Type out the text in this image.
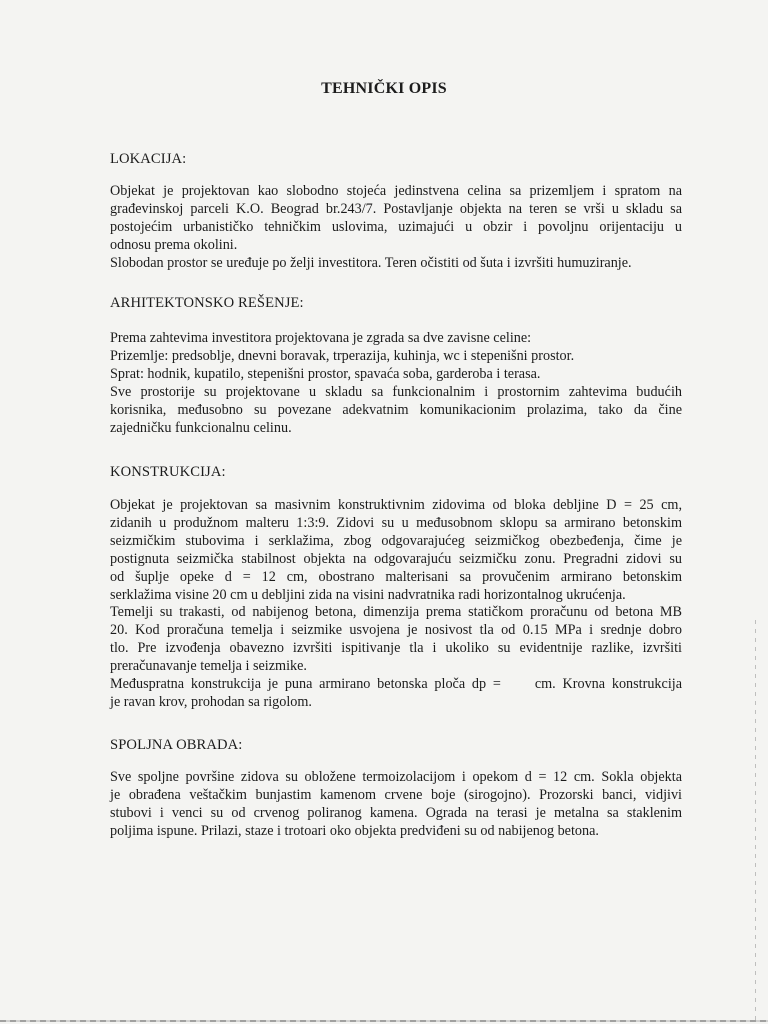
TEHNIČKI OPIS
LOKACIJA:
Objekat je projektovan kao slobodno stojeća jedinstvena celina sa prizemljem i spratom na
građevinskoj parceli K.O. Beograd br.243/7. Postavljanje objekta na teren se vrši u skladu sa
postojećim urbanističko tehničkim uslovima, uzimajući u obzir i povoljnu orijentaciju u
odnosu prema okolini.
Slobodan prostor se uređuje po želji investitora. Teren očistiti od šuta i izvršiti humuziranje.
ARHITEKTONSKO REŠENJE:
Prema zahtevima investitora projektovana je zgrada sa dve zavisne celine:
Prizemlje: predsoblje, dnevni boravak, trperazija, kuhinja, wc i stepenišni prostor.
Sprat: hodnik, kupatilo, stepenišni prostor, spavaća soba, garderoba i terasa.
Sve prostorije su projektovane u skladu sa funkcionalnim i prostornim zahtevima budućih
korisnika, međusobno su povezane adekvatnim komunikacionim prolazima, tako da čine
zajedničku funkcionalnu celinu.
KONSTRUKCIJA:
Objekat je projektovan sa masivnim konstruktivnim zidovima od bloka debljine D = 25 cm,
zidanih u produžnom malteru 1:3:9. Zidovi su u međusobnom sklopu sa armirano betonskim
seizmičkim stubovima i serklažima, zbog odgovarajućeg seizmičkog obezbeđenja, čime je
postignuta seizmička stabilnost objekta na odgovarajuću seizmičku zonu. Pregradni zidovi su
od šuplje opeke d = 12 cm, obostrano malterisani sa provučenim armirano betonskim
serklažima visine 20 cm u debljini zida na visini nadvratnika radi horizontalnog ukrućenja.
Temelji su trakasti, od nabijenog betona, dimenzija prema statičkom proračunu od betona MB
20. Kod proračuna temelja i seizmike usvojena je nosivost tla od 0.15 MPa i srednje dobro
tlo. Pre izvođenja obavezno izvršiti ispitivanje tla i ukoliko su evidentnije razlike, izvršiti
preračunavanje temelja i seizmike.
Međuspratna konstrukcija je puna armirano betonska ploča dp =     cm. Krovna konstrukcija
je ravan krov, prohodan sa rigolom.
SPOLJNA OBRADA:
Sve spoljne površine zidova su obložene termoizolacijom i opekom d = 12 cm. Sokla objekta
je obrađena veštačkim bunjastim kamenom crvene boje (sirogojno). Prozorski banci, vidjivi
stubovi i venci su od crvenog poliranog kamena. Ograda na terasi je metalna sa staklenim
poljima ispune. Prilazi, staze i trotoari oko objekta predviđeni su od nabijenog betona.
